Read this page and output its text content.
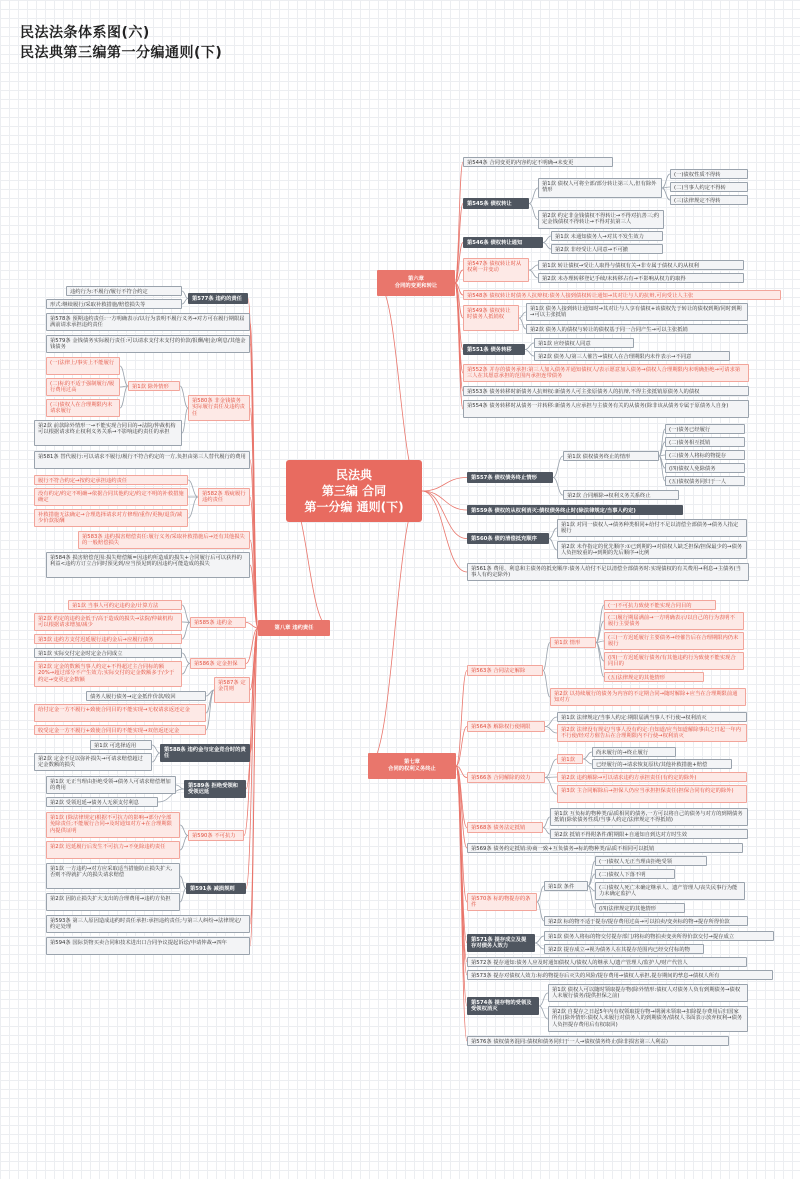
民法法条体系图(六)
民法典第三编第一分编通则(下)
民法典
第三编 合同
第一分编 通则(下)
第六章
合同的变更和转让
第七章
合同的权利义务终止
第八章 违约责任
第544条 合同变更的内容约定不明确→未变更
第545条 债权转让
第1款 债权人可将全部/部分转让第三人,但有除外情形
(一)债权性质不得转
(二)当事人约定不得转
(三)法律规定不得转
第2款 约定非金钱债权不得转让→不得对抗善三;约定金钱债权不得转让→不得对抗第三人
第546条 债权转让通知
第1款 未通知债务人→对其不发生效力
第2款 非经受让人同意→不可撤
第547条 债权转让时从权利一并变动
第1款 转让债权→受让人取得与债权有关→非专属于债权人的从权利
第2款 未办理转移登记手续/未转移占有→不影响从权力的取得
第548条 债权转让时债务人抗辩权:债务人接到债权转让通知→其对让与人的抗辩,可向受让人主张
第549条 债权转让时债务人抵销权
第1款 债务人接到转让通知时→其对让与人享有债权+该债权先于转让的债权到期/同时到期→可以主张抵销
第2款 债务人的债权与转让的债权基于同一合同产生→可以主张抵销
第551条 债务转移
第1款 应经债权人同意
第2款 债务人/第三人催告→债权人在合理期限内未作表示→不同意
第552条 并存的债务承担:第三人加入债务并通知债权人/表示愿意加入债务→债权人合理期限内未明确拒绝→可请求第三人在其愿意承担的范围内承担连带债务
第553条 债务转移时新债务人抗辩权:新债务人可主张原债务人的抗辩,不得主张抵销原债务人的债权
第554条 债务转移时从债务一并转移:新债务人应承担与主债务有关的从债务(除非该从债务专属于原债务人自身)
第557条 债权债务终止情形
第1款 债权债务终止的情形
(一)债务已经履行
(二)债务相互抵销
(三)债务人将标的物提存
(四)债权人免除债务
(五)债权债务同归于一人
第2款 合同解除→权利义务关系终止
第559条 债权的从权利消灭:债权债务终止时(除法律规定/当事人约定)
第560条 债的清偿抵充顺序
第1款 对同一债权人→债务种类相同+给付不足以清偿全部债务→债务人指定履行
第2款 未作指定的优先顺序:①已到期的→对债权人缺乏担保/担保最少的→债务人负担较重的→到期的先后顺序→比例
第561条 费用、利息和主债务的抵充顺序:债务人给付不足以清偿全部债务时:实现债权的有关费用→利息→主债务(当事人有约定除外)
第563条 合同法定解除
第1款 情形
(一)不可抗力致使不能实现合同目的
(二)履行期届满前→一方明确表示/以自己的行为表明不履行主要债务
(三)一方迟延履行主要债务→经催告后在合理期限内仍未履行
(四)一方迟延履行债务/有其他违约行为致使不能实现合同目的
(五)法律规定的其他情形
第2款 以持续履行的债务为内容的不定期合同→随时解除+应当在合理期限前通知对方
第564条 解除权行使期限
第1款 法律规定/当事人约定:期限届满当事人不行使→权利消灭
第2款 法律没有规定/当事人没有约定:自知道/应当知道解除事由之日起一年内不行使/经对方催告后在合理期限内不行使→权利消灭
第566条 合同解除的效力
第1款
尚未履行的→终止履行
已经履行的→请求恢复原状/其他补救措施+赔偿
第2款 违约解除→可以请求违约方承担责任(有约定的除外)
第3款 主合同解除后→担保人仍应当承担担保责任(担保合同有约定的除外)
第568条 债务法定抵销
第1款 互负标的物种类/品质相同的债务,一方可以将自己的债务与对方的到期债务抵销(除依债务性质/当事人约定/法律规定不得抵销)
第2款 抵销不得附条件/附期限+自通知自到达对方时生效
第569条 债务约定抵销:协商一致+互负债务→标的物种类/品质不相同可以抵销
第570条 标的物提存的条件
第1款 条件
(一)债权人无正当理由拒绝受领
(二)债权人下落不明
(三)债权人死亡未确定继承人、遗产管理人/丧失民事行为能力未确定监护人
(四)法律规定的其他情形
第2款 标的物不适于提存/提存费用过高→可以拍卖/变卖标的物→提存所得价款
第571条 提存成立及提存对债务人效力
第1款 债务人将标的物交付提存部门/将标的物拍卖变卖所得价款交付→提存成立
第2款 提存成立→视为债务人在其提存范围内已经交付标的物
第572条 提存通知:债务人应及时通知债权人/债权人的继承人/遗产管理人/监护人/财产代管人
第573条 提存对债权人效力:标的物提存后灭失的风险/提存费用→债权人承担,提存期间的孳息→债权人所有
第574条 提存物的受领及受领权消灭
第1款 债权人可以随时领取提存物(除外情形:债权人对债务人负有到期债务→债权人未履行债务/提供担保之前)
第2款 自提存之日起5年内有权领取提存物→期满未领取→扣除提存费用后归国家所有(除外情形:债权人未履行对债务人的到期债务/债权人书面表示放弃权利→债务人负担提存费用后有权取回)
第576条 债权债务混同:债权和债务同归于一人→债权债务终止(除非损害第三人利益)
第577条 违约的责任
违约行为:不履行/履行不符合约定
形式:继续履行/采取补救措施/赔偿损失等
第578条 预期违约责任:一方明确表示/以行为表明不履行义务→对方可在履行期限届满前请求承担违约责任
第579条 金钱债务实际履行责任:可以请求支付未支付的价款/报酬/租金/利息/其他金钱债务
第580条 非金钱债务实际履行责任及违约责任
第1款 除外情形
(一)法律上/事实上不能履行
(二)标的不适于强制履行/履行费用过高
(三)债权人在合理期限内未请求履行
第2款 前款除外情形一→不能实现合同目的→法院/仲裁机构可以根据请求终止权利义务关系→不影响违约责任的承担
第581条 替代履行:可以请求不履行/履行不符合约定的一方,负担由第三人替代履行的费用
第582条 瑕疵履行违约责任
履行不符合约定→按约定承担违约责任
没有约定/约定不明确→依据合同其他约定/约定不明的补救措施确定
补救措施无法确定→合理选择请求对方修理/重作/更换/退货/减少价款报酬
第583条 违约损害赔偿责任:履行义务/采取补救措施后→还有其他损失的一般赔偿损失
第584条 损害赔偿范围:损失赔偿额=因违约所造成的损失+合同履行后可以获得的利益<违约方订立合同时预见到/应当预见到的因违约可能造成的损失
第585条 违约金
第1款 当事人可约定违约金/计算方法
第2款 约定的违约金低于/高于造成的损失→法院/仲裁机构可以根据请求增加/减少
第3款 违约方支付迟延履行违约金后→应履行债务
第586条 定金担保
第1款 实际交付定金时定金合同成立
第2款 定金的数额当事人约定+不得超过主合同标的额20%→超过部分不产生效力;实际交付的定金数额多于/少于约定→变更定金数额	第587条 定金罚则
债务人履行债务→定金抵作价款/收回
给付定金一方不履行+致使合同目的不能实现→无权请求返还定金
收受定金一方不履行+致使合同目的不能实现→双倍返还定金
第588条 违约金与定金竞合时的责任
第1款 可选择适用
第2款 定金不足以弥补损失→可请求赔偿超过定金数额的损失
第589条 拒绝受领和受领迟延
第1款 无正当理由拒绝受领→债务人可请求赔偿增加的费用
第2款 受领迟延→债务人无须支付利息
第590条 不可抗力
第1款 (除法律规定)根据不可抗力的影响→部分/全部免除责任;不能履行合同→及时通知对方+在合理期限内提供证明
第2款 迟延履行后发生不可抗力→不免除违约责任
第591条 减损规则
第1款 一方违约→对方应采取适当措施防止损失扩大,否则不得就扩大的损失请求赔偿
第2款 因防止损失扩大支出的合理费用→违约方负担
第593条 第三人原因造成违约时责任承担:承担违约责任;与第三人纠纷→法律规定/约定处理
第594条 国际货物买卖合同和技术进出口合同争议提起诉讼/申请仲裁→四年
